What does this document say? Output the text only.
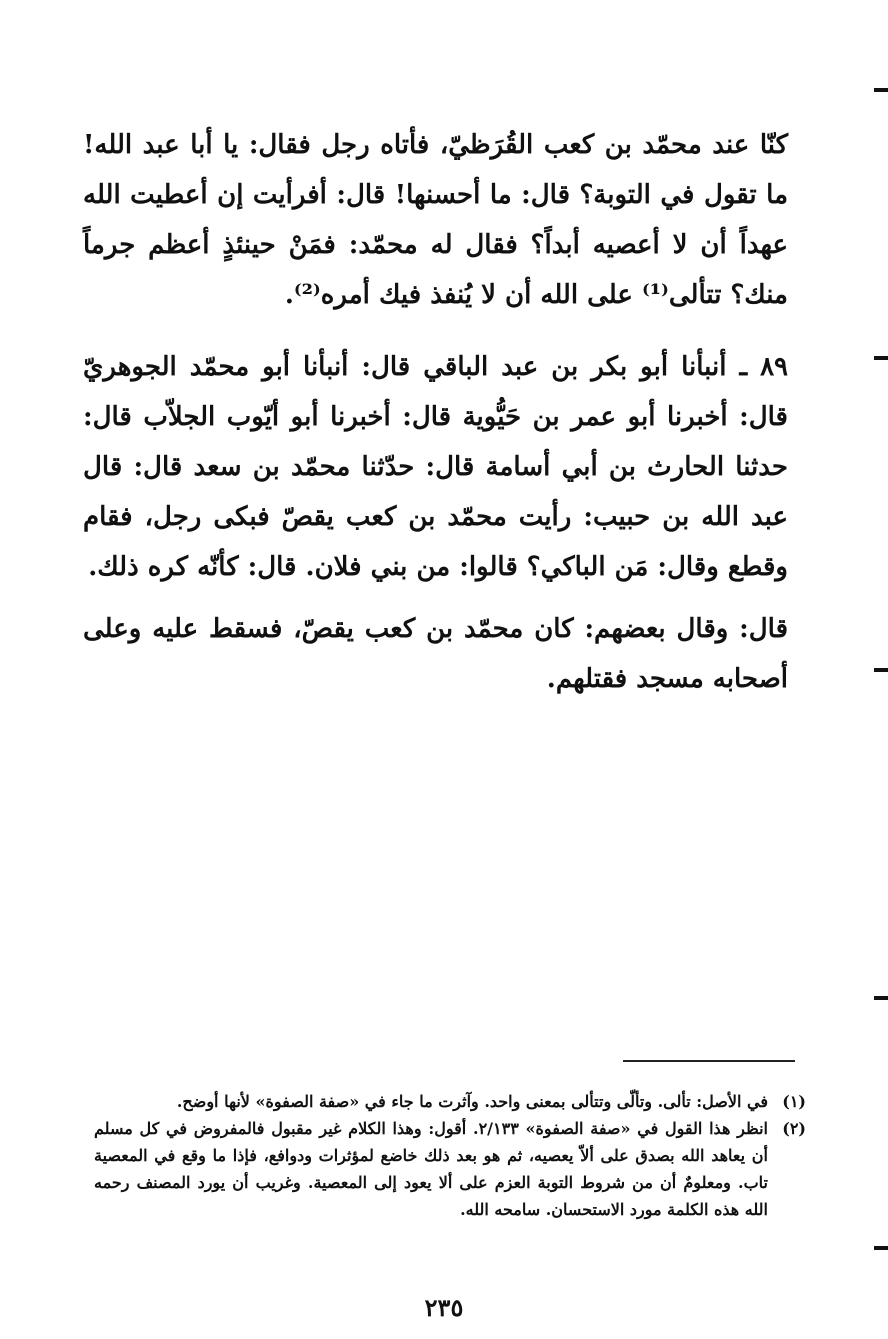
كنّا عند محمّد بن كعب القُرَظيّ، فأتاه رجل فقال: يا أبا عبد الله! ما تقول في التوبة؟ قال: ما أحسنها! قال: أفرأيت إن أعطيت الله عهداً أن لا أعصيه أبداً؟ فقال له محمّد: فمَنْ حينئذٍ أعظم جرماً منك؟ تتألى⁽¹⁾ على الله أن لا يُنفذ فيك أمره⁽²⁾.

٨٩ ـ أنبأنا أبو بكر بن عبد الباقي قال: أنبأنا أبو محمّد الجوهريّ قال: أخبرنا أبو عمر بن حَيُّوية قال: أخبرنا أبو أيّوب الجلاّب قال: حدثنا الحارث بن أبي أسامة قال: حدّثنا محمّد بن سعد قال: قال عبد الله بن حبيب: رأيت محمّد بن كعب يقصّ فبكى رجل، فقام وقطع وقال: مَن الباكي؟ قالوا: من بني فلان. قال: كأنّه كره ذلك.

قال: وقال بعضهم: كان محمّد بن كعب يقصّ، فسقط عليه وعلى أصحابه مسجد فقتلهم.

(١)
في الأصل: تألى. وتألّى وتتألى بمعنى واحد. وآثرت ما جاء في «صفة الصفوة» لأنها أوضح.
(٢)
انظر هذا القول في «صفة الصفوة» ٢/١٣٣. أقول: وهذا الكلام غير مقبول فالمفروض في كل مسلم أن يعاهد الله بصدق على ألاّ يعصيه، ثم هو بعد ذلك خاضع لمؤثرات ودوافع، فإذا ما وقع في المعصية تاب. ومعلومٌ أن من شروط التوبة العزم على ألا يعود إلى المعصية. وغريب أن يورد المصنف رحمه الله هذه الكلمة مورد الاستحسان. سامحه الله.
٢٣٥
